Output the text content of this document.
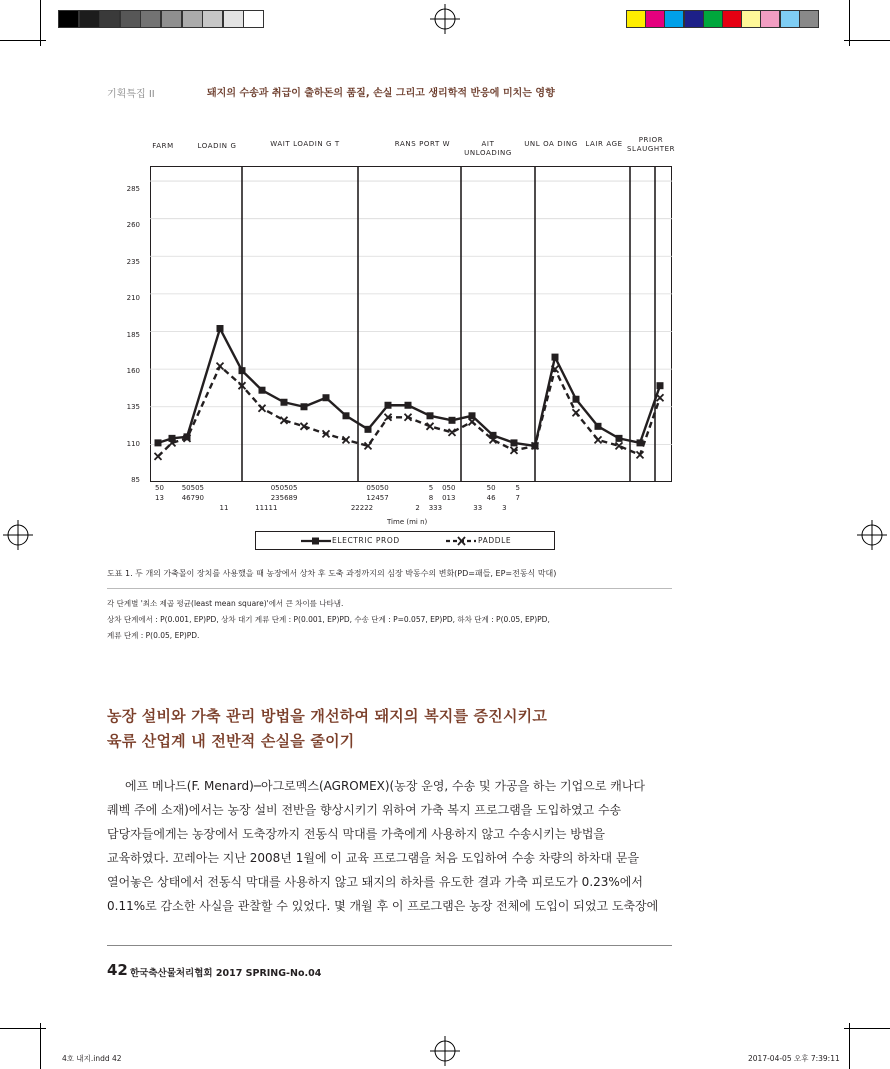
기획특집 II	돼지의 수송과 취급이 출하돈의 품질, 손실 그리고 생리학적 반응에 미치는 영향
FARM	LOADIN G	WAIT LOADIN G T	RANS PORT W	AIT UNLOADING
UNL OA DING LAIR AGE	PRIOR SLAUGHTER
285
260
235
210
185
160
135
110
85
50        50505                              050505                               05050                  5    050              50         5
13        46790                              235689                               12457                  8    013              46         7
11            11111                                 22222                   2    333              33         3
Time (mi n)
ELECTRIC PROD	PADDLE
도표 1. 두 개의 가축몰이 장치를 사용했을 때 농장에서 상차 후 도축 과정까지의 심장 박동수의 변화(PD=패들, EP=전동식 막대)
각 단계별 '최소 제곱 평균(least mean square)'에서 큰 차이를 나타냄.
상차 단계에서 : P(0.001, EP)PD, 상차 대기 계류 단계 : P(0.001, EP)PD, 수송 단계 : P=0.057, EP)PD, 하차 단계 : P(0.05, EP)PD,
계류 단계 : P(0.05, EP)PD.
농장 설비와 가축 관리 방법을 개선하여 돼지의 복지를 증진시키고
육류 산업계 내 전반적 손실을 줄이기
에프 메나드(F. Menard)─아그로멕스(AGROMEX)(농장 운영, 수송 및 가공을 하는 기업으로 캐나다
퀘벡 주에 소재)에서는 농장 설비 전반을 향상시키기 위하여 가축 복지 프로그램을 도입하였고 수송
담당자들에게는 농장에서 도축장까지 전동식 막대를 가축에게 사용하지 않고 수송시키는 방법을
교육하였다. 꼬레아는 지난 2008년 1월에 이 교육 프로그램을 처음 도입하여 수송 차량의 하차대 문을
열어놓은 상태에서 전동식 막대를 사용하지 않고 돼지의 하차를 유도한 결과 가축 피로도가 0.23%에서
0.11%로 감소한 사실을 관찰할 수 있었다. 몇 개월 후 이 프로그램은 농장 전체에 도입이 되었고 도축장에
42 한국축산물처리협회 2017 SPRING-No.04
4호 내지.indd 42	2017-04-05 오후 7:39:11
